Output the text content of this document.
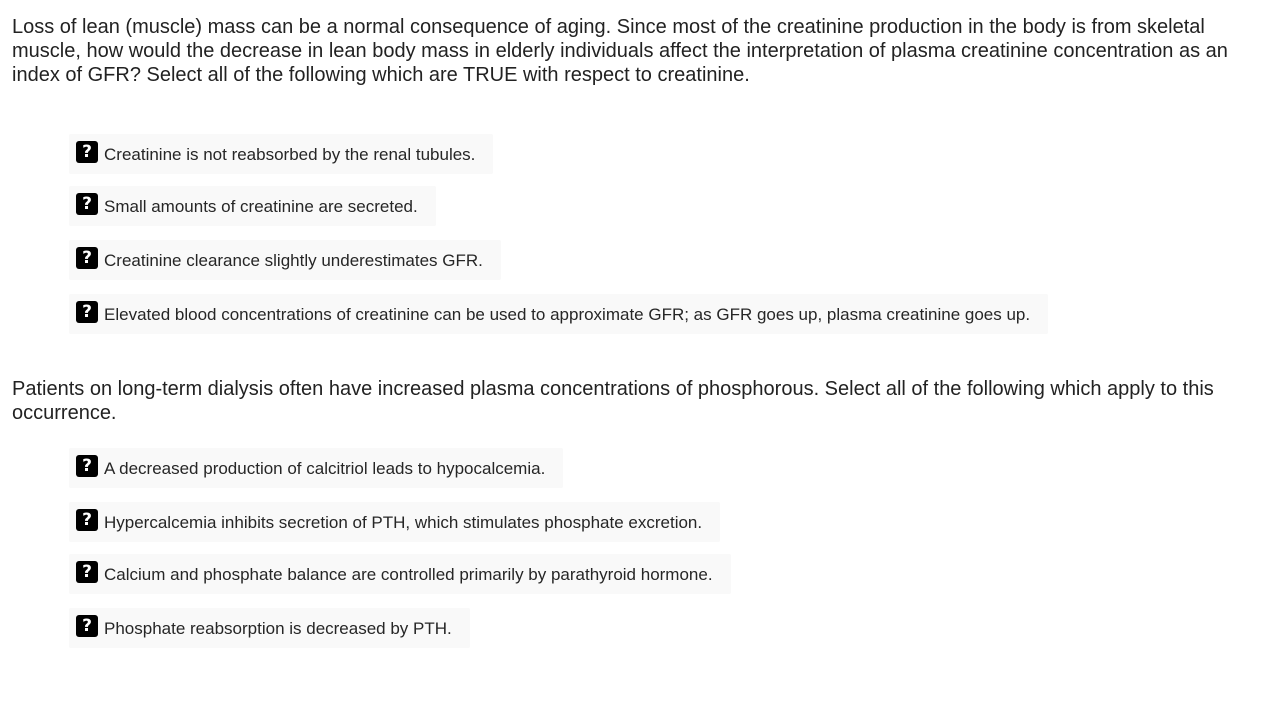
Loss of lean (muscle) mass can be a normal consequence of aging. Since most of the creatinine production in the body is from skeletal muscle, how would the decrease in lean body mass in elderly individuals affect the interpretation of plasma creatinine concentration as an index of GFR? Select all of the following which are TRUE with respect to creatinine.

Patients on long-term dialysis often have increased plasma concentrations of phosphorous. Select all of the following which apply to this occurrence.

? Creatinine is not reabsorbed by the renal tubules.
? Small amounts of creatinine are secreted.
? Creatinine clearance slightly underestimates GFR.
? Elevated blood concentrations of creatinine can be used to approximate GFR; as GFR goes up, plasma creatinine goes up.
? A decreased production of calcitriol leads to hypocalcemia.
? Hypercalcemia inhibits secretion of PTH, which stimulates phosphate excretion.
? Calcium and phosphate balance are controlled primarily by parathyroid hormone.
? Phosphate reabsorption is decreased by PTH.
